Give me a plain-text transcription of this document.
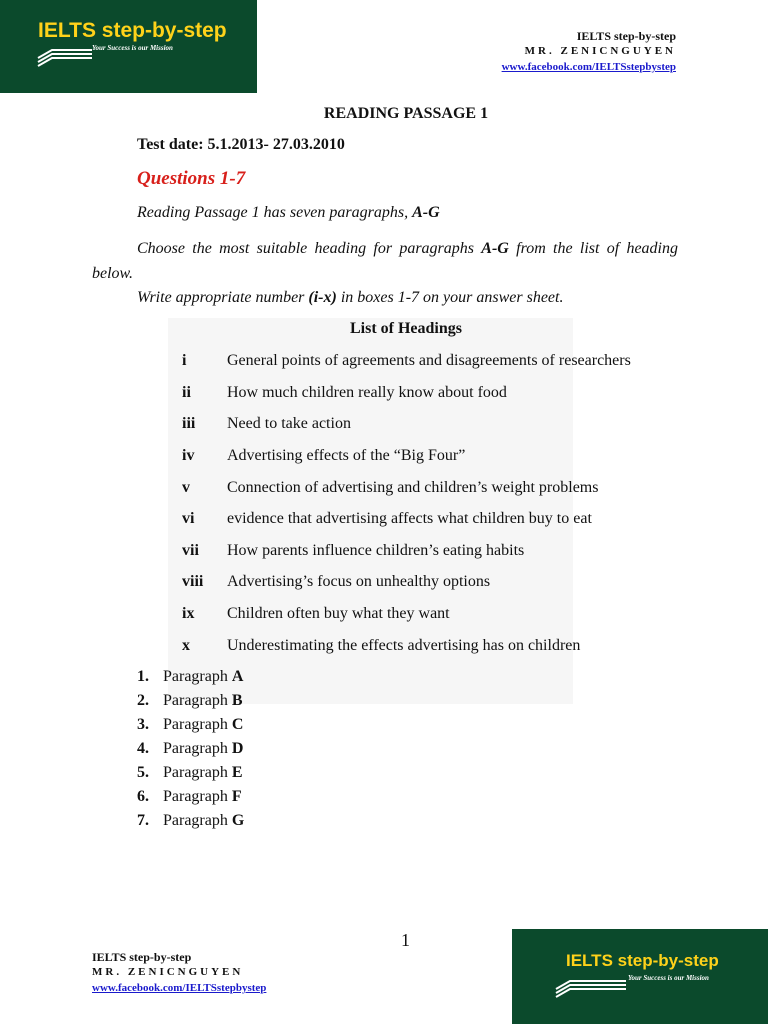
IELTS step-by-step
Your Success is our Mission
IELTS step-by-step
MR. ZENICNGUYEN
www.facebook.com/IELTSstepbystep
READING PASSAGE 1
Test date: 5.1.2013- 27.03.2010
Questions 1-7
Reading Passage 1 has seven paragraphs, A-G
Choose the most suitable heading for paragraphs A-G from the list of heading below.
Write appropriate number (i-x) in boxes 1-7 on your answer sheet.
List of Headings
i	General points of agreements and disagreements of researchers
ii How much children really know about food
iii Need to take action
iv Advertising effects of the “Big Four”
v Connection of advertising and children’s weight problems
vi evidence that advertising affects what children buy to eat
vii How parents influence children’s eating habits
viii Advertising’s focus on unhealthy options
ix Children often buy what they want
x Underestimating the effects advertising has on children
1. Paragraph A
2. Paragraph B
3. Paragraph C
4. Paragraph D
5. Paragraph E
6. Paragraph F
7. Paragraph G
1
IELTS step-by-step
MR. ZENICNGUYEN
www.facebook.com/IELTSstepbystep
IELTS step-by-step
Your Success is our Mission
